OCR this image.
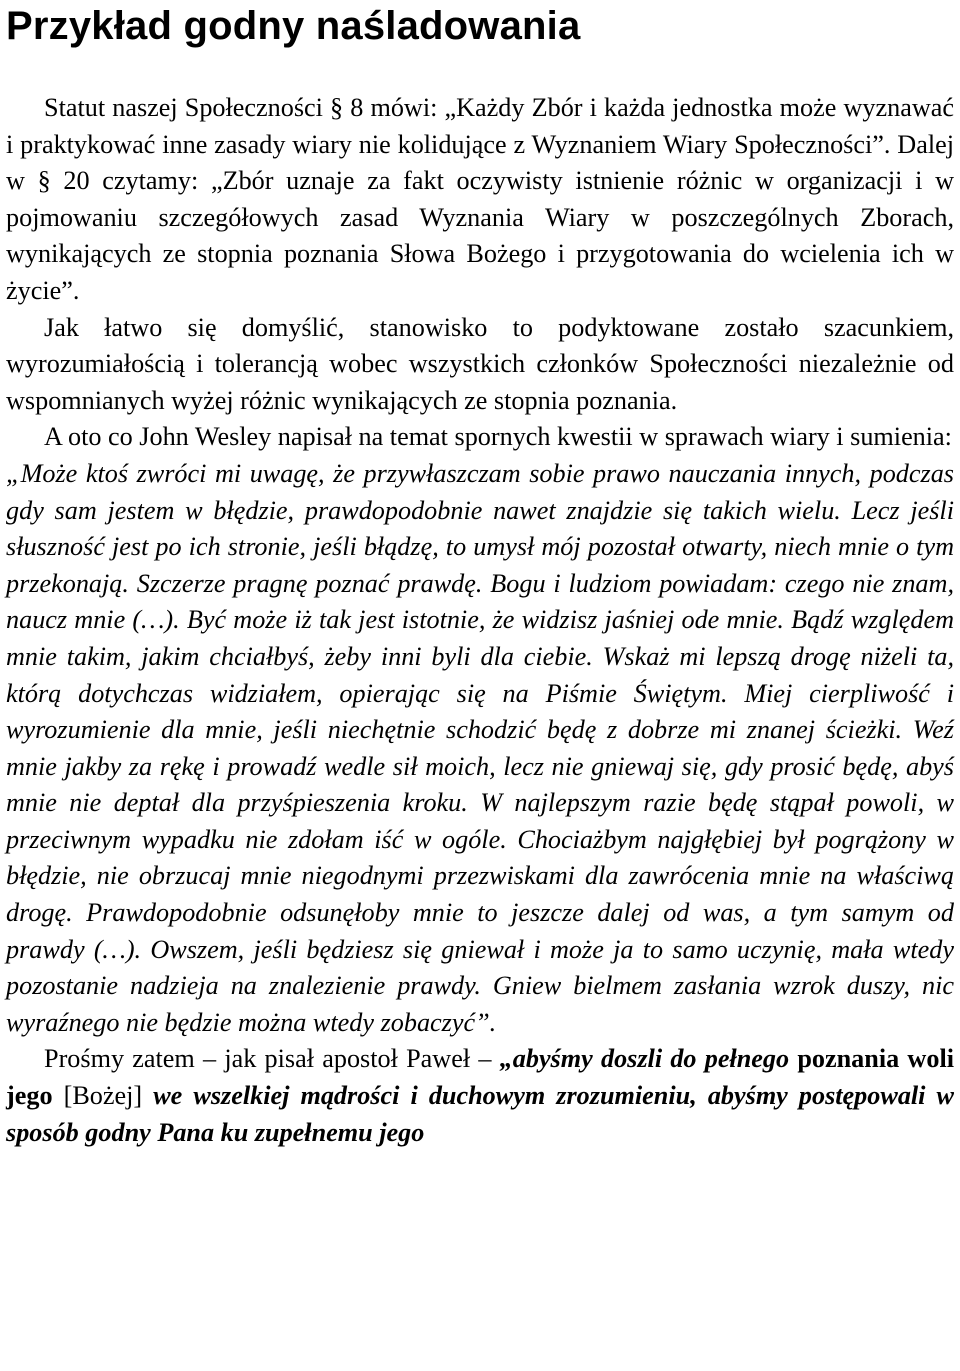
Przykład godny naśladowania

Statut naszej Społeczności § 8 mówi: „Każdy Zbór i każda jednostka może wyznawać i praktykować inne zasady wiary nie kolidujące z Wyznaniem Wiary Społeczności”. Dalej w § 20 czytamy: „Zbór uznaje za fakt oczywisty istnienie różnic w organizacji i w pojmowaniu szczegółowych zasad Wyznania Wiary w poszczególnych Zborach, wynikających ze stopnia poznania Słowa Bożego i przygotowania do wcielenia ich w życie”.

Jak łatwo się domyślić, stanowisko to podyktowane zostało szacunkiem, wyrozumiałością i tolerancją wobec wszystkich członków Społeczności niezależnie od wspomnianych wyżej różnic wynikających ze stopnia poznania.

A oto co John Wesley napisał na temat spornych kwestii w sprawach wiary i sumienia:

„Może ktoś zwróci mi uwagę, że przywłaszczam sobie prawo nauczania innych, podczas gdy sam jestem w błędzie, prawdopodobnie nawet znajdzie się takich wielu. Lecz jeśli słuszność jest po ich stronie, jeśli błądzę, to umysł mój pozostał otwarty, niech mnie o tym przekonają. Szczerze pragnę poznać prawdę. Bogu i ludziom powiadam: czego nie znam, naucz mnie (…). Być może iż tak jest istotnie, że widzisz jaśniej ode mnie. Bądź względem mnie takim, jakim chciałbyś, żeby inni byli dla ciebie. Wskaż mi lepszą drogę niżeli ta, którą dotychczas widziałem, opierając się na Piśmie Świętym. Miej cierpliwość i wyrozumienie dla mnie, jeśli niechętnie schodzić będę z dobrze mi znanej ścieżki. Weź mnie jakby za rękę i prowadź wedle sił moich, lecz nie gniewaj się, gdy prosić będę, abyś mnie nie deptał dla przyśpieszenia kroku. W najlepszym razie będę stąpał powoli, w przeciwnym wypadku nie zdołam iść w ogóle. Chociażbym najgłębiej był pogrążony w błędzie, nie obrzucaj mnie niegodnymi przezwiskami dla zawrócenia mnie na właściwą drogę. Prawdopodobnie odsunęłoby mnie to jeszcze dalej od was, a tym samym od prawdy (…). Owszem, jeśli będziesz się gniewał i może ja to samo uczynię, mała wtedy pozostanie nadzieja na znalezienie prawdy. Gniew bielmem zasłania wzrok duszy, nic wyraźnego nie będzie można wtedy zobaczyć”.

Prośmy zatem – jak pisał apostoł Paweł – „abyśmy doszli do pełnego poznania woli jego [Bożej] we wszelkiej mądrości i duchowym zrozumieniu, abyśmy postępowali w sposób godny Pana ku zupełnemu jego
